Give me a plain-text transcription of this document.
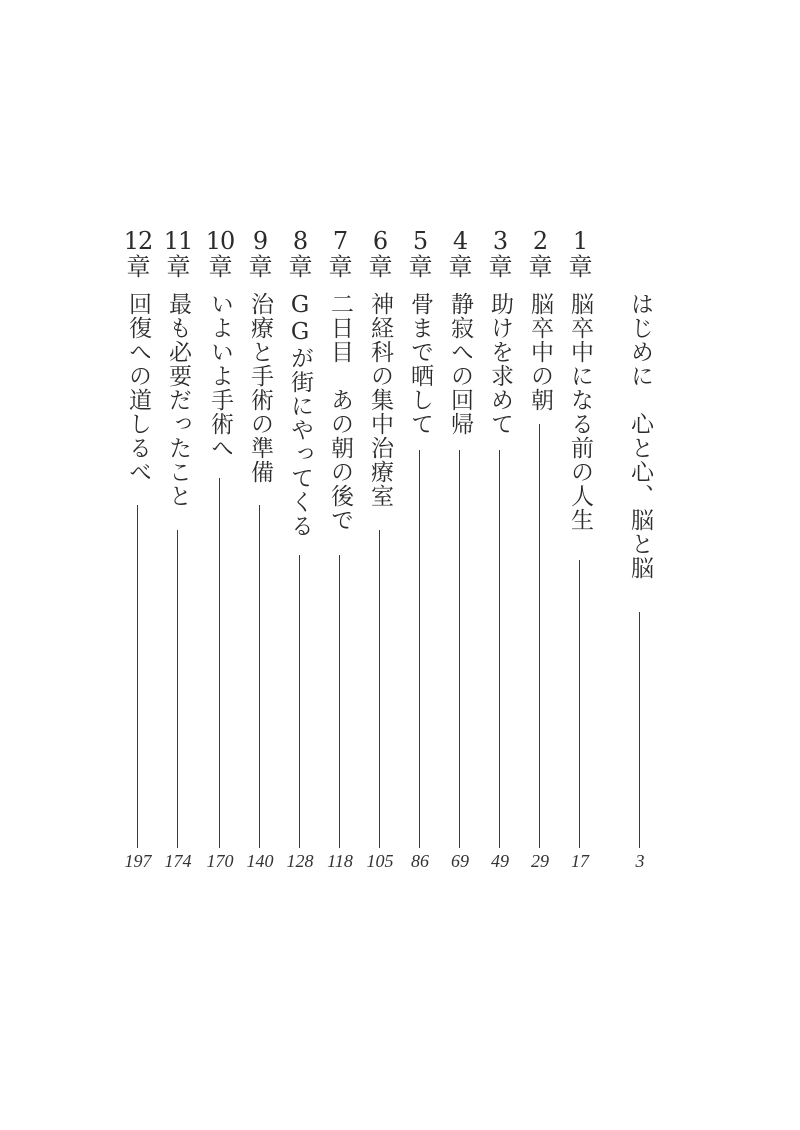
はじめに　心と心、脳と脳
3
1
章
脳卒中になる前の人生
17
2
章
脳卒中の朝
29
3
章
助けを求めて
49
4
章
静寂への回帰
69
5
章
骨まで晒して
86
6
章
神経科の集中治療室
105
7
章
二日目　あの朝の後で
118
8
章
GGが街にやってくる
128
9
章
治療と手術の準備
140
10
章
いよいよ手術へ
170
11
章
最も必要だったこと
174
12
章
回復への道しるべ
197
